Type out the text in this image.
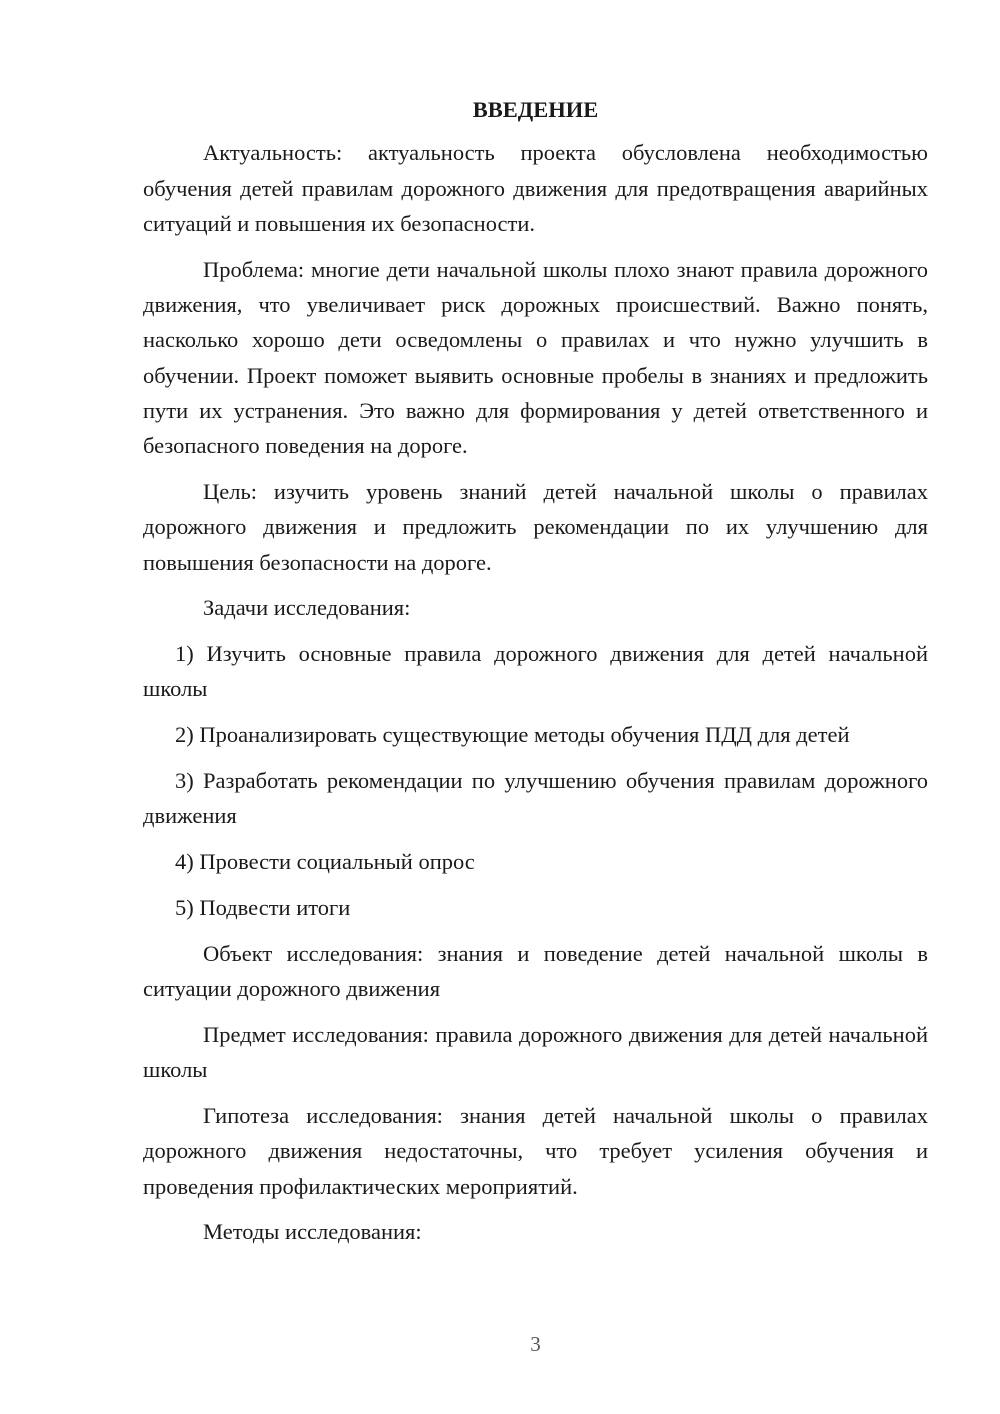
ВВЕДЕНИЕ

Актуальность: актуальность проекта обусловлена необходимостью обучения детей правилам дорожного движения для предотвращения аварийных ситуаций и повышения их безопасности.

Проблема: многие дети начальной школы плохо знают правила дорожного движения, что увеличивает риск дорожных происшествий. Важно понять, насколько хорошо дети осведомлены о правилах и что нужно улучшить в обучении. Проект поможет выявить основные пробелы в знаниях и предложить пути их устранения. Это важно для формирования у детей ответственного и безопасного поведения на дороге.

Цель: изучить уровень знаний детей начальной школы о правилах дорожного движения и предложить рекомендации по их улучшению для повышения безопасности на дороге.

Задачи исследования:

1) Изучить основные правила дорожного движения для детей начальной школы

2) Проанализировать существующие методы обучения ПДД для детей

3) Разработать рекомендации по улучшению обучения правилам дорожного движения

4) Провести социальный опрос

5) Подвести итоги

Объект исследования: знания и поведение детей начальной школы в ситуации дорожного движения

Предмет исследования: правила дорожного движения для детей начальной школы

Гипотеза исследования: знания детей начальной школы о правилах дорожного движения недостаточны, что требует усиления обучения и проведения профилактических мероприятий.

Методы исследования:

3
